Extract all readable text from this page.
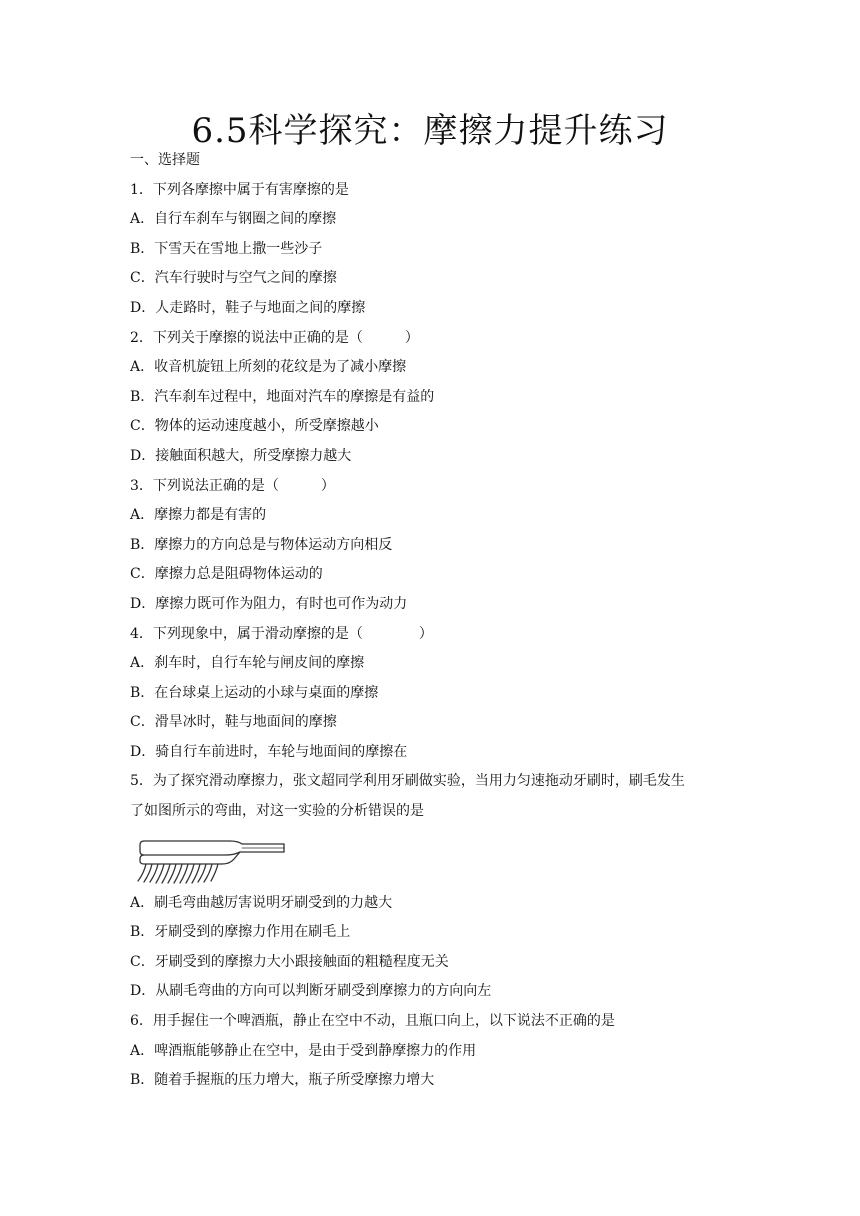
6.5科学探究：摩擦力提升练习
一、选择题
1．下列各摩擦中属于有害摩擦的是
A．自行车刹车与钢圈之间的摩擦
B．下雪天在雪地上撒一些沙子
C．汽车行驶时与空气之间的摩擦
D．人走路时，鞋子与地面之间的摩擦
2．下列关于摩擦的说法中正确的是（　　　）
A．收音机旋钮上所刻的花纹是为了减小摩擦
B．汽车刹车过程中，地面对汽车的摩擦是有益的
C．物体的运动速度越小，所受摩擦越小
D．接触面积越大，所受摩擦力越大
3．下列说法正确的是（　　　）
A．摩擦力都是有害的
B．摩擦力的方向总是与物体运动方向相反
C．摩擦力总是阻碍物体运动的
D．摩擦力既可作为阻力，有时也可作为动力
4．下列现象中，属于滑动摩擦的是（　　　　）
A．刹车时，自行车轮与闸皮间的摩擦
B．在台球桌上运动的小球与桌面的摩擦
C．滑旱冰时，鞋与地面间的摩擦
D．骑自行车前进时，车轮与地面间的摩擦在
5．为了探究滑动摩擦力，张文超同学利用牙刷做实验，当用力匀速拖动牙刷时，刷毛发生
了如图所示的弯曲，对这一实验的分析错误的是
A．刷毛弯曲越厉害说明牙刷受到的力越大
B．牙刷受到的摩擦力作用在刷毛上
C．牙刷受到的摩擦力大小跟接触面的粗糙程度无关
D．从刷毛弯曲的方向可以判断牙刷受到摩擦力的方向向左
6．用手握住一个啤酒瓶，静止在空中不动，且瓶口向上，以下说法不正确的是
A．啤酒瓶能够静止在空中，是由于受到静摩擦力的作用
B．随着手握瓶的压力增大，瓶子所受摩擦力增大
